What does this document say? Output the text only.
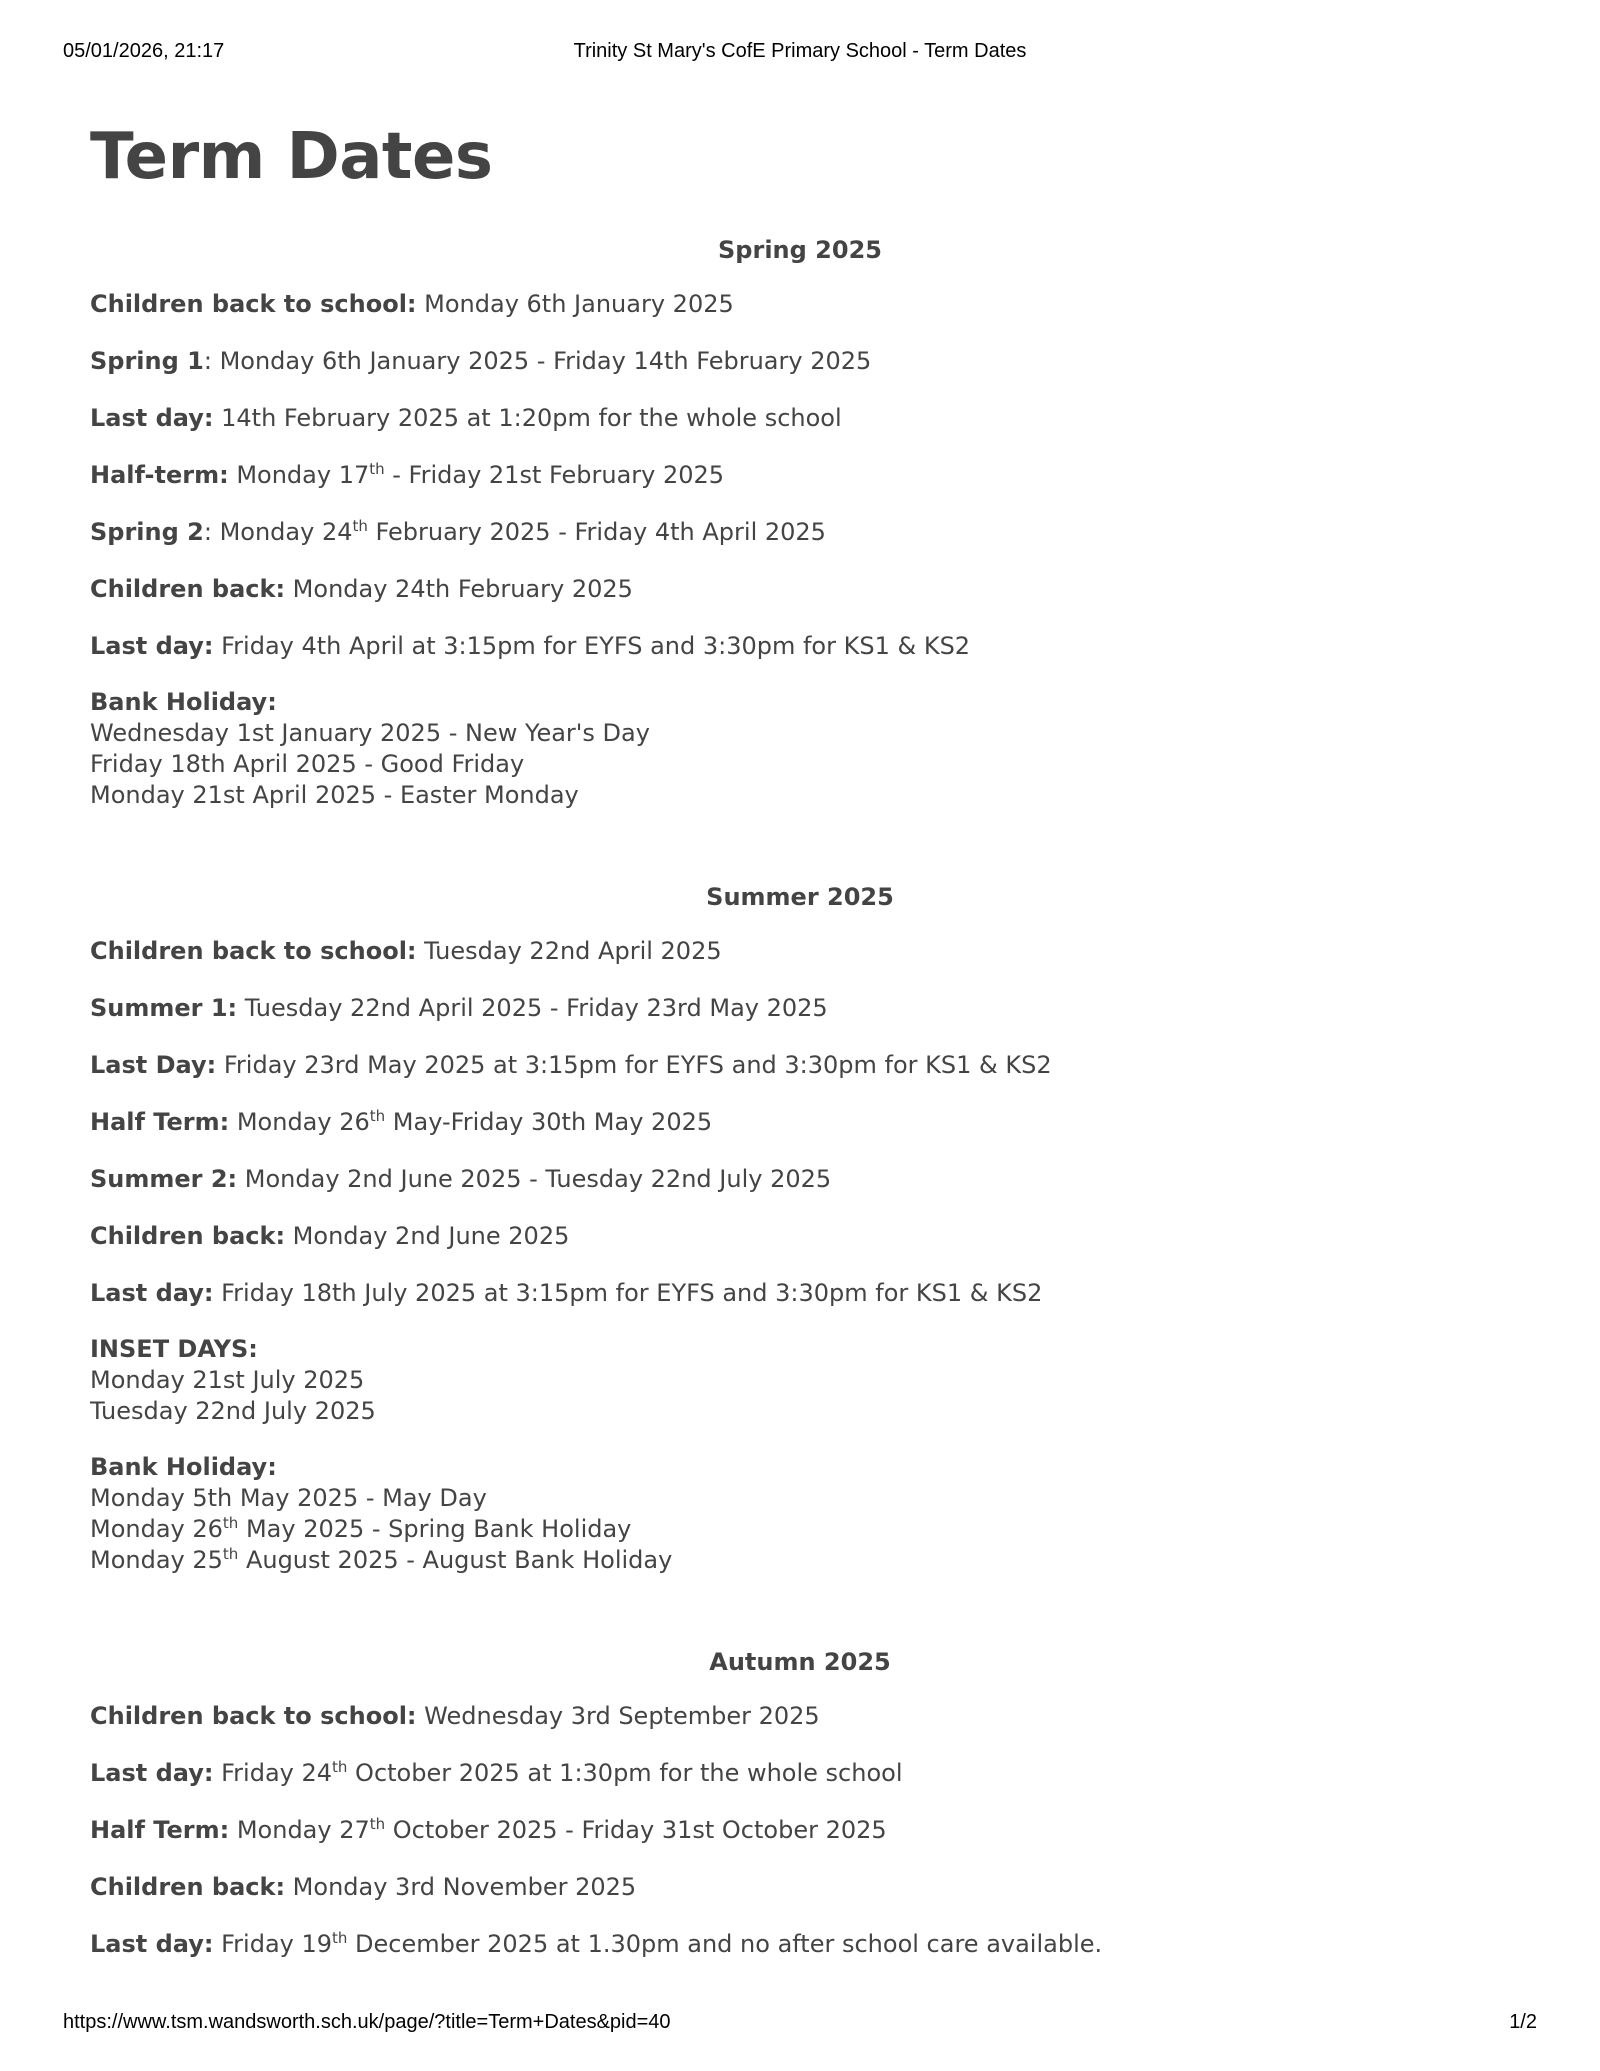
05/01/2026, 21:17	Trinity St Mary's CofE Primary School - Term Dates
Term Dates
Spring 2025
Children back to school: Monday 6th January 2025
Spring 1: Monday 6th January 2025 - Friday 14th February 2025
Last day: 14th February 2025 at 1:20pm for the whole school
Half-term: Monday 17th - Friday 21st February 2025
Spring 2: Monday 24th February 2025 - Friday 4th April 2025
Children back: Monday 24th February 2025
Last day: Friday 4th April at 3:15pm for EYFS and 3:30pm for KS1 & KS2
Bank Holiday:
Wednesday 1st January 2025 - New Year's Day
Friday 18th April 2025 - Good Friday
Monday 21st April 2025 - Easter Monday
Summer 2025
Children back to school: Tuesday 22nd April 2025
Summer 1: Tuesday 22nd April 2025 - Friday 23rd May 2025
Last Day: Friday 23rd May 2025 at 3:15pm for EYFS and 3:30pm for KS1 & KS2
Half Term: Monday 26th May-Friday 30th May 2025
Summer 2: Monday 2nd June 2025 - Tuesday 22nd July 2025
Children back: Monday 2nd June 2025
Last day: Friday 18th July 2025 at 3:15pm for EYFS and 3:30pm for KS1 & KS2
INSET DAYS:
Monday 21st July 2025
Tuesday 22nd July 2025
Bank Holiday:
Monday 5th May 2025 - May Day
Monday 26th May 2025 - Spring Bank Holiday
Monday 25th August 2025 - August Bank Holiday
Autumn 2025
Children back to school: Wednesday 3rd September 2025
Last day: Friday 24th October 2025 at 1:30pm for the whole school
Half Term: Monday 27th October 2025 - Friday 31st October 2025
Children back: Monday 3rd November 2025
Last day: Friday 19th December 2025 at 1.30pm and no after school care available.
https://www.tsm.wandsworth.sch.uk/page/?title=Term+Dates&pid=40	1/2
